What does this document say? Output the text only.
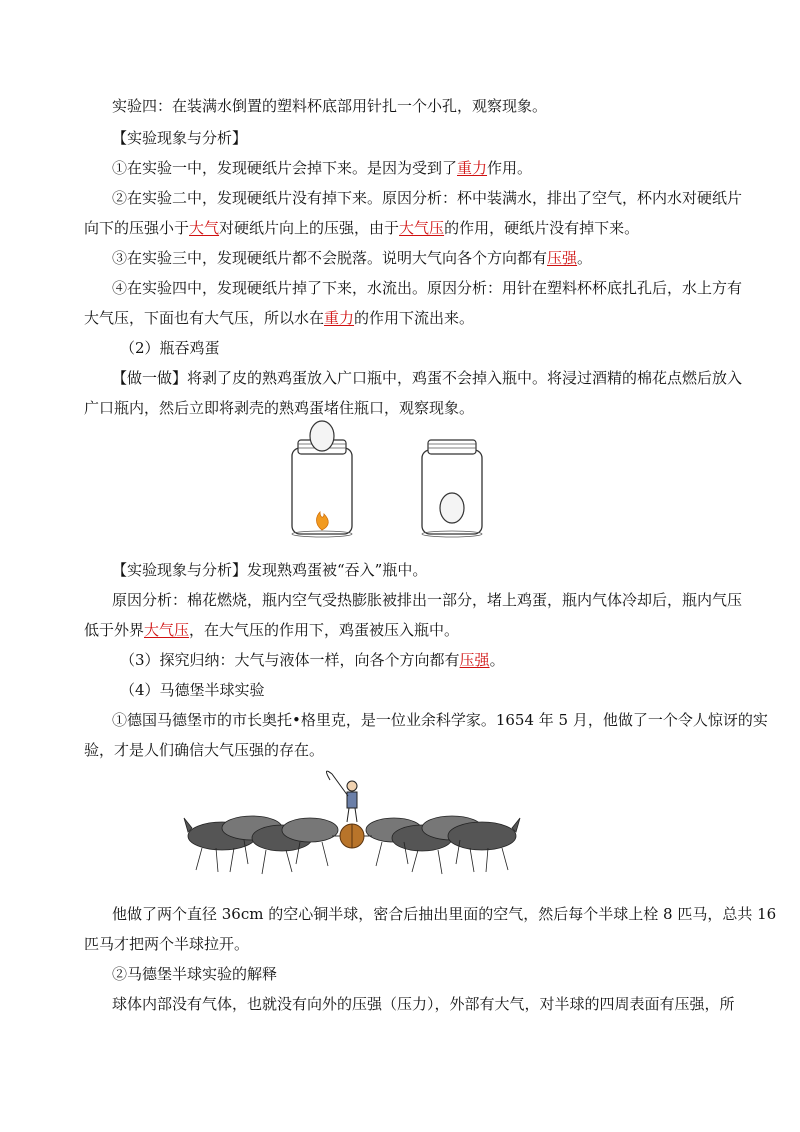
实验四：在装满水倒置的塑料杯底部用针扎一个小孔，观察现象。
【实验现象与分析】
①在实验一中，发现硬纸片会掉下来。是因为受到了重力作用。
②在实验二中，发现硬纸片没有掉下来。原因分析：杯中装满水，排出了空气，杯内水对硬纸片
向下的压强小于大气对硬纸片向上的压强，由于大气压的作用，硬纸片没有掉下来。
③在实验三中，发现硬纸片都不会脱落。说明大气向各个方向都有压强。
④在实验四中，发现硬纸片掉了下来，水流出。原因分析：用针在塑料杯杯底扎孔后，水上方有
大气压，下面也有大气压，所以水在重力的作用下流出来。
（2）瓶吞鸡蛋
【做一做】将剥了皮的熟鸡蛋放入广口瓶中，鸡蛋不会掉入瓶中。将浸过酒精的棉花点燃后放入
广口瓶内，然后立即将剥壳的熟鸡蛋堵住瓶口，观察现象。
【实验现象与分析】发现熟鸡蛋被“吞入”瓶中。
原因分析：棉花燃烧，瓶内空气受热膨胀被排出一部分，堵上鸡蛋，瓶内气体冷却后，瓶内气压
低于外界大气压，在大气压的作用下，鸡蛋被压入瓶中。
（3）探究归纳：大气与液体一样，向各个方向都有压强。
（4）马德堡半球实验
①德国马德堡市的市长奥托•格里克，是一位业余科学家。1654 年 5 月，他做了一个令人惊讶的实
验，才是人们确信大气压强的存在。
他做了两个直径 36cm 的空心铜半球，密合后抽出里面的空气，然后每个半球上栓 8 匹马，总共 16
匹马才把两个半球拉开。
②马德堡半球实验的解释
球体内部没有气体，也就没有向外的压强（压力），外部有大气，对半球的四周表面有压强，所
